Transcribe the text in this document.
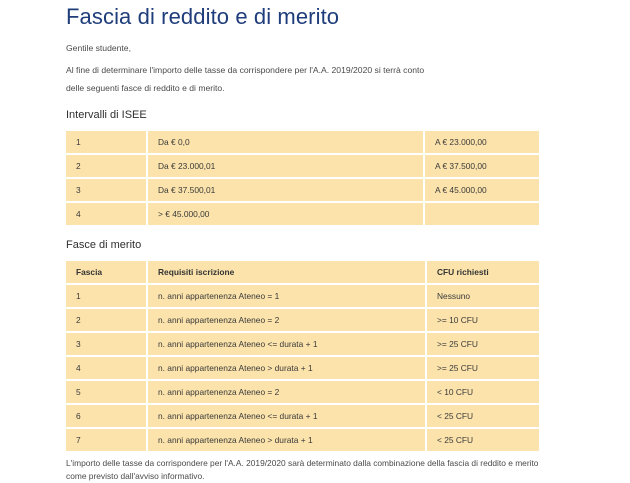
Fascia di reddito e di merito

Gentile studente,

Al fine di determinare l'importo delle tasse da corrispondere per l'A.A. 2019/2020 si terrà conto
delle seguenti fasce di reddito e di merito.
Intervalli di ISEE
1	Da € 0,0	A € 23.000,00
2	Da € 23.000,01	A € 37.500,00
3	Da € 37.500,01	A € 45.000,00
4	> € 45.000,00	
Fasce di merito
Fascia	Requisiti iscrizione	CFU richiesti
1	n. anni appartenenza Ateneo = 1	Nessuno
2	n. anni appartenenza Ateneo = 2	>= 10 CFU
3	n. anni appartenenza Ateneo <= durata + 1	>= 25 CFU
4	n. anni appartenenza Ateneo > durata + 1	>= 25 CFU
5	n. anni appartenenza Ateneo = 2	< 10 CFU
6	n. anni appartenenza Ateneo <= durata + 1	< 25 CFU
7	n. anni appartenenza Ateneo > durata + 1	< 25 CFU

L'importo delle tasse da corrispondere per l'A.A. 2019/2020 sarà determinato dalla combinazione della fascia di reddito e merito come previsto dall'avviso informativo.
